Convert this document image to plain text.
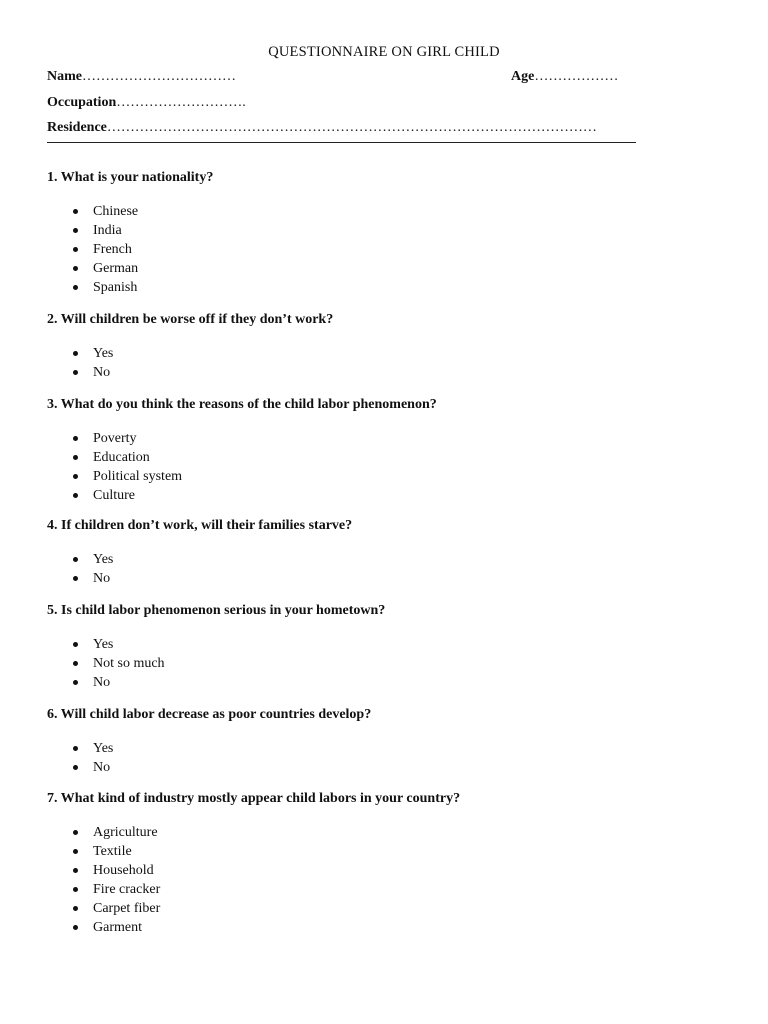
QUESTIONNAIRE ON GIRL CHILD
Name……………………………	Age………………
Occupation……………………….
Residence……………………………………………………………………………………………
1. What is your nationality?
Chinese
India
French
German
Spanish
2. Will children be worse off if they don’t work?
Yes
No
3. What do you think the reasons of the child labor phenomenon?
Poverty
Education
Political system
Culture
4. If children don’t work, will their families starve?
Yes
No
5. Is child labor phenomenon serious in your hometown?
Yes
Not so much
No
6. Will child labor decrease as poor countries develop?
Yes
No
7. What kind of industry mostly appear child labors in your country?
Agriculture
Textile
Household
Fire cracker
Carpet fiber
Garment
